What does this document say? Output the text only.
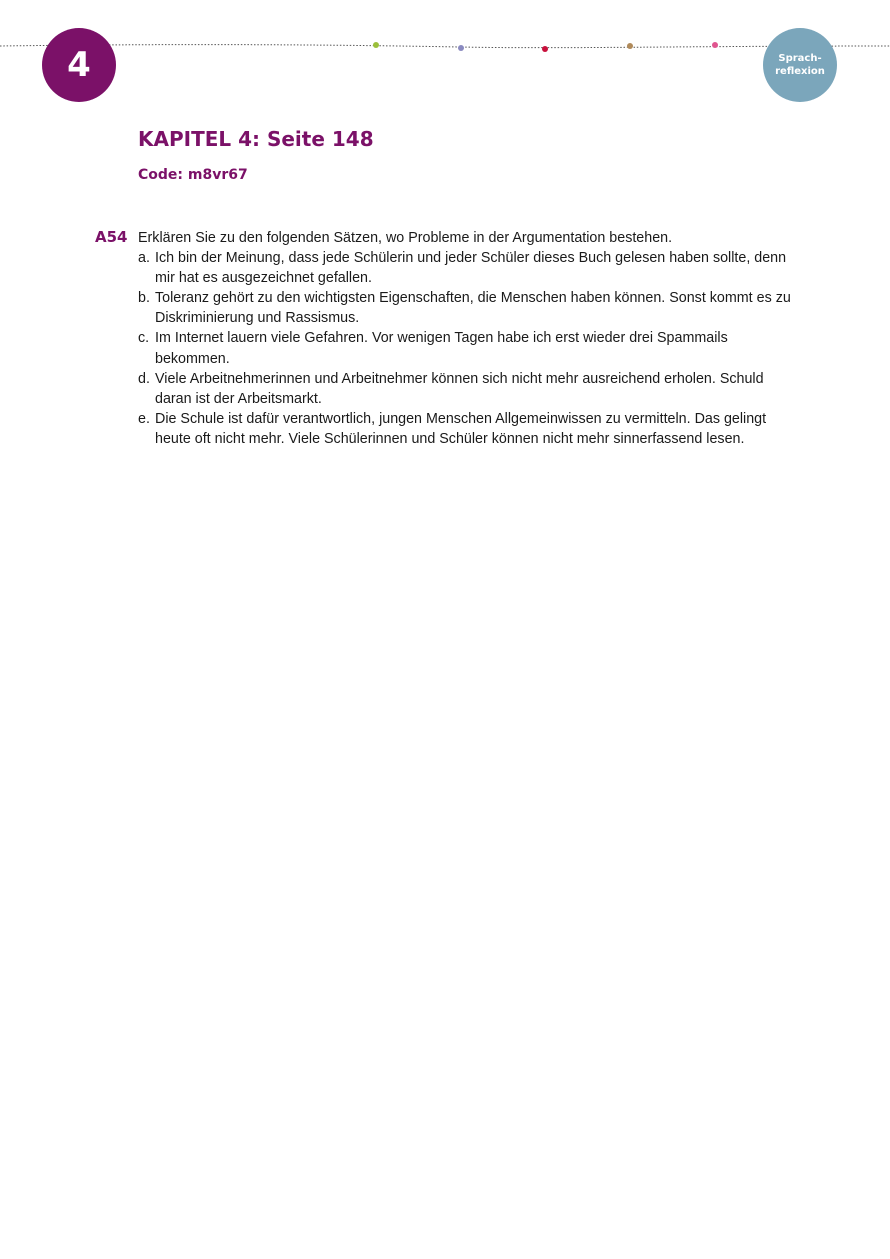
4	Sprach-
reflexion
KAPITEL 4: Seite 148
Code: m8vr67
A54 Erklären Sie zu den folgenden Sätzen, wo Probleme in der Argumentation bestehen.

a. Ich bin der Meinung, dass jede Schülerin und jeder Schüler dieses Buch gelesen haben sollte, denn mir hat es ausgezeichnet gefallen.
b. Toleranz gehört zu den wichtigsten Eigenschaften, die Menschen haben können. Sonst kommt es zu Diskriminierung und Rassismus.
c. Im Internet lauern viele Gefahren. Vor wenigen Tagen habe ich erst wieder drei Spammails bekommen.
d. Viele Arbeitnehmerinnen und Arbeitnehmer können sich nicht mehr ausreichend erholen. Schuld daran ist der Arbeitsmarkt.
e. Die Schule ist dafür verantwortlich, jungen Menschen Allgemeinwissen zu vermitteln. Das gelingt heute oft nicht mehr. Viele Schülerinnen und Schüler können nicht mehr sinnerfassend lesen.
